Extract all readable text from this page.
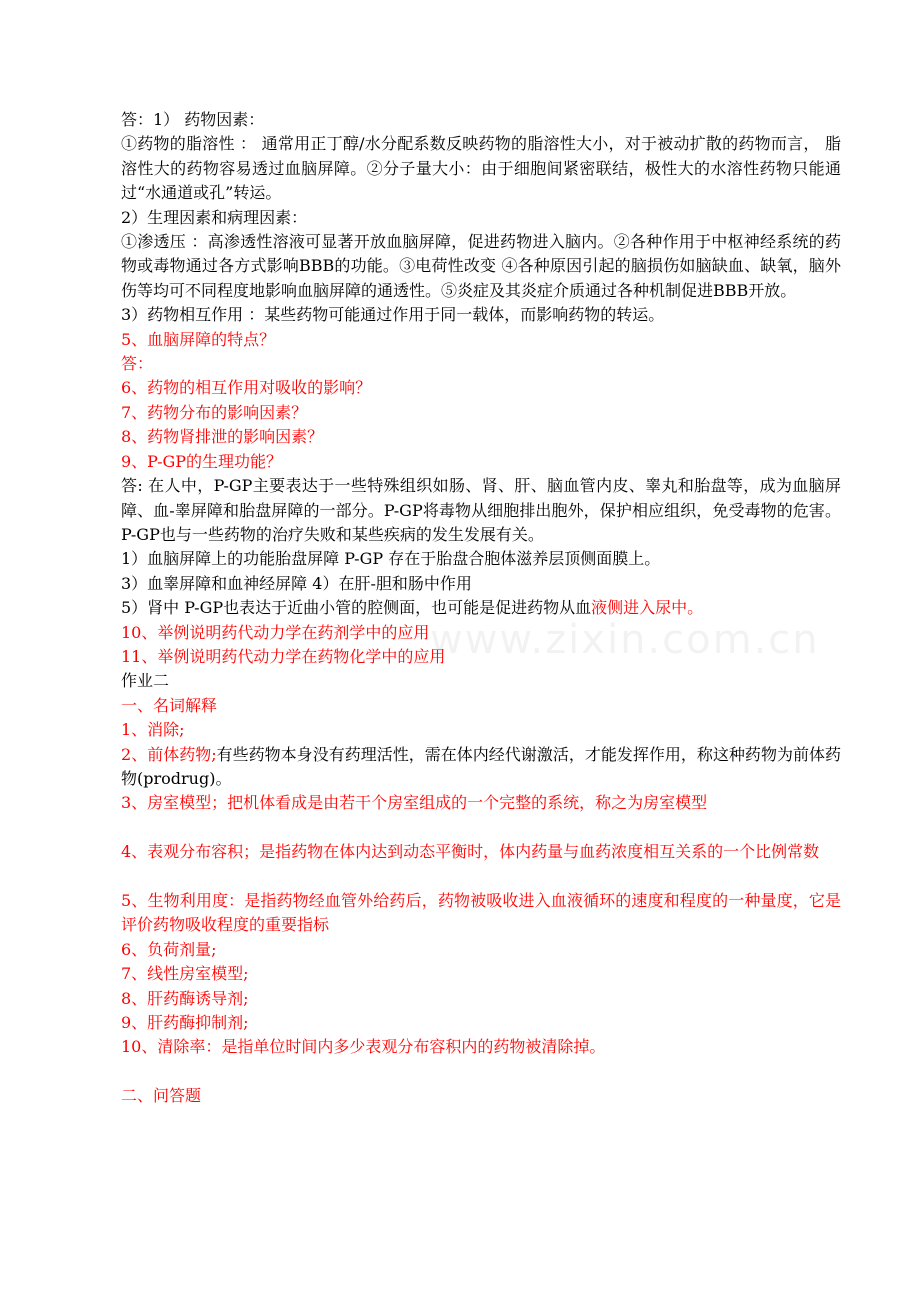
答：1） 药物因素：

①药物的脂溶性 ： 通常用正丁醇/水分配系数反映药物的脂溶性大小，对于被动扩散的药物而言， 脂溶性大的药物容易透过血脑屏障。②分子量大小：由于细胞间紧密联结，极性大的水溶性药物只能通过“水通道或孔”转运。

2）生理因素和病理因素：

①渗透压 ：高渗透性溶液可显著开放血脑屏障，促进药物进入脑内。②各种作用于中枢神经系统的药物或毒物通过各方式影响BBB的功能。③电荷性改变 ④各种原因引起的脑损伤如脑缺血、缺氧，脑外伤等均可不同程度地影响血脑屏障的通透性。⑤炎症及其炎症介质通过各种机制促进BBB开放。

3）药物相互作用 ：某些药物可能通过作用于同一载体，而影响药物的转运。

5、血脑屏障的特点？

答：

6、药物的相互作用对吸收的影响？

7、药物分布的影响因素？

8、药物肾排泄的影响因素？

9、P-GP的生理功能？

答: 在人中，P-GP主要表达于一些特殊组织如肠、肾、肝、脑血管内皮、睾丸和胎盘等，成为血脑屏障、血-睾屏障和胎盘屏障的一部分。P-GP将毒物从细胞排出胞外，保护相应组织，免受毒物的危害。P-GP也与一些药物的治疗失败和某些疾病的发生发展有关。

1）血脑屏障上的功能胎盘屏障 P-GP 存在于胎盘合胞体滋养层顶侧面膜上。

3）血睾屏障和血神经屏障 4）在肝-胆和肠中作用

5）肾中 P-GP也表达于近曲小管的腔侧面，也可能是促进药物从血液侧进入尿中。

10、举例说明药代动力学在药剂学中的应用

11、举例说明药代动力学在药物化学中的应用

作业二

一、名词解释

1、消除;

2、前体药物;有些药物本身没有药理活性，需在体内经代谢激活，才能发挥作用，称这种药物为前体药物(prodrug)。

3、房室模型；把机体看成是由若干个房室组成的一个完整的系统，称之为房室模型

4、表观分布容积；是指药物在体内达到动态平衡时，体内药量与血药浓度相互关系的一个比例常数

5、生物利用度：是指药物经血管外给药后，药物被吸收进入血液循环的速度和程度的一种量度，它是评价药物吸收程度的重要指标

6、负荷剂量;

7、线性房室模型;

8、肝药酶诱导剂;

9、肝药酶抑制剂;

10、清除率：是指单位时间内多少表观分布容积内的药物被清除掉。

二、问答题

www.zixin.com.cn
